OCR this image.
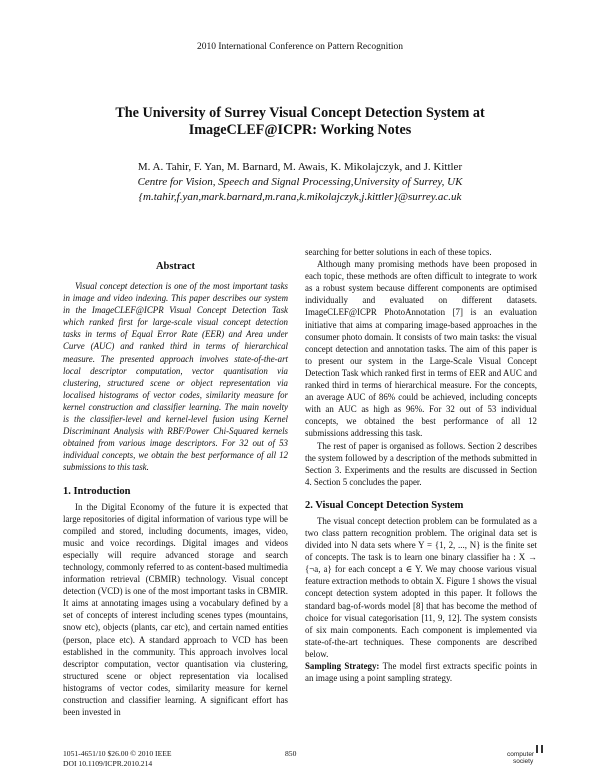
2010 International Conference on Pattern Recognition
The University of Surrey Visual Concept Detection System at
ImageCLEF@ICPR: Working Notes
M. A. Tahir, F. Yan, M. Barnard, M. Awais, K. Mikolajczyk, and J. Kittler
Centre for Vision, Speech and Signal Processing,University of Surrey, UK
{m.tahir,f.yan,mark.barnard,m.rana,k.mikolajczyk,j.kittler}@surrey.ac.uk
Abstract

Visual concept detection is one of the most important tasks in image and video indexing. This paper describes our system in the ImageCLEF@ICPR Visual Concept Detection Task which ranked first for large-scale visual concept detection tasks in terms of Equal Error Rate (EER) and Area under Curve (AUC) and ranked third in terms of hierarchical measure. The presented approach involves state-of-the-art local descriptor computation, vector quantisation via clustering, structured scene or object representation via localised histograms of vector codes, similarity measure for kernel construction and classifier learning. The main novelty is the classifier-level and kernel-level fusion using Kernel Discriminant Analysis with RBF/Power Chi-Squared kernels obtained from various image descriptors. For 32 out of 53 individual concepts, we obtain the best performance of all 12 submissions to this task.

1. Introduction

In the Digital Economy of the future it is expected that large repositories of digital information of various type will be compiled and stored, including documents, images, video, music and voice recordings. Digital images and videos especially will require advanced storage and search technology, commonly referred to as content-based multimedia information retrieval (CBMIR) technology. Visual concept detection (VCD) is one of the most important tasks in CBMIR. It aims at annotating images using a vocabulary defined by a set of concepts of interest including scenes types (mountains, snow etc), objects (plants, car etc), and certain named entities (person, place etc). A standard approach to VCD has been established in the community. This approach involves local descriptor computation, vector quantisation via clustering, structured scene or object representation via localised histograms of vector codes, similarity measure for kernel construction and classifier learning. A significant effort has been invested in

searching for better solutions in each of these topics.

Although many promising methods have been proposed in each topic, these methods are often difficult to integrate to work as a robust system because different components are optimised individually and evaluated on different datasets. ImageCLEF@ICPR PhotoAnnotation [7] is an evaluation initiative that aims at comparing image-based approaches in the consumer photo domain. It consists of two main tasks: the visual concept detection and annotation tasks. The aim of this paper is to present our system in the Large-Scale Visual Concept Detection Task which ranked first in terms of EER and AUC and ranked third in terms of hierarchical measure. For the concepts, an average AUC of 86% could be achieved, including concepts with an AUC as high as 96%. For 32 out of 53 individual concepts, we obtained the best performance of all 12 submissions addressing this task.

The rest of paper is organised as follows. Section 2 describes the system followed by a description of the methods submitted in Section 3. Experiments and the results are discussed in Section 4. Section 5 concludes the paper.

2. Visual Concept Detection System

The visual concept detection problem can be formulated as a two class pattern recognition problem. The original data set is divided into N data sets where Y = {1, 2, ..., N} is the finite set of concepts. The task is to learn one binary classifier ha : X → {¬a, a} for each concept a ∈ Y. We may choose various visual feature extraction methods to obtain X. Figure 1 shows the visual concept detection system adopted in this paper. It follows the standard bag-of-words model [8] that has become the method of choice for visual categorisation [11, 9, 12]. The system consists of six main components. Each component is implemented via state-of-the-art techniques. These components are described below.

Sampling Strategy: The model first extracts specific points in an image using a point sampling strategy.

1051-4651/10 $26.00 © 2010 IEEE
DOI 10.1109/ICPR.2010.214
850	computer
society
